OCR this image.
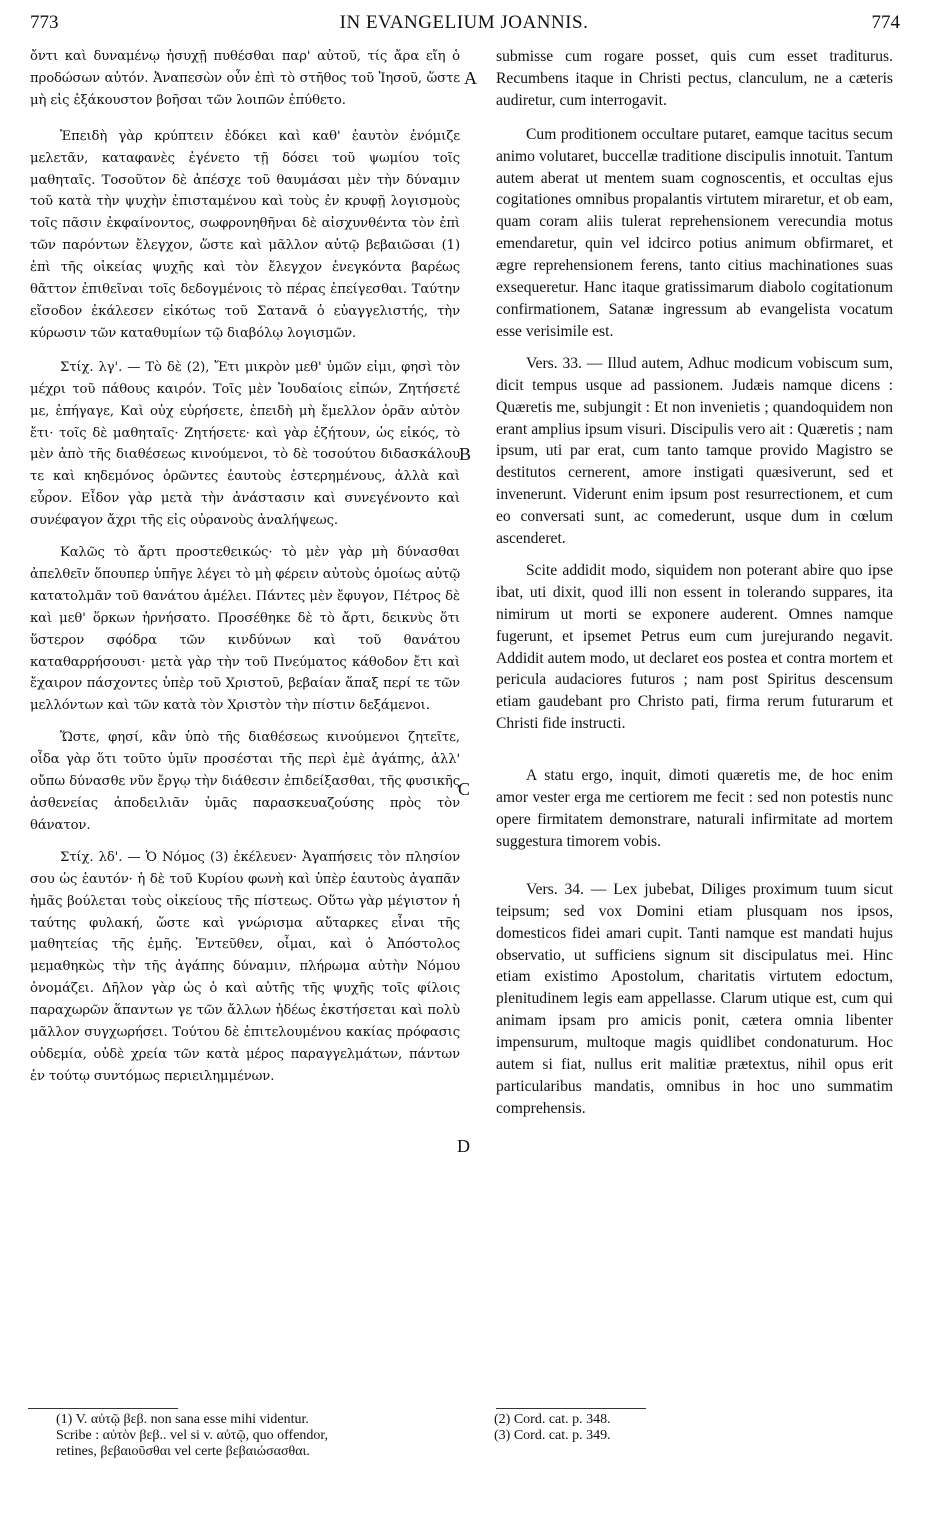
773	IN EVANGELIUM JOANNIS.	774

ὄντι καὶ δυναμένῳ ἡσυχῇ πυθέσθαι παρ' αὐτοῦ, τίς ἄρα εἴη ὁ προδώσων αὐτόν. Ἀναπεσὼν οὖν ἐπὶ τὸ στῆθος τοῦ Ἰησοῦ, ὥστε μὴ εἰς ἐξάκουστον βοῆσαι τῶν λοιπῶν ἐπύθετο.

Ἐπειδὴ γὰρ κρύπτειν ἐδόκει καὶ καθ' ἑαυτὸν ἐνόμιζε μελετᾶν, καταφανὲς ἐγένετο τῇ δόσει τοῦ ψωμίου τοῖς μαθηταῖς. Τοσοῦτον δὲ ἀπέσχε τοῦ θαυμάσαι μὲν τὴν δύναμιν τοῦ κατὰ τὴν ψυχὴν ἐπισταμένου καὶ τοὺς ἐν κρυφῇ λογισμοὺς τοῖς πᾶσιν ἐκφαίνοντος, σωφρονηθῆναι δὲ αἰσχυνθέντα τὸν ἐπὶ τῶν παρόντων ἔλεγχον, ὥστε καὶ μᾶλλον αὐτῷ βεβαιῶσαι (1) ἐπὶ τῆς οἰκείας ψυχῆς καὶ τὸν ἔλεγχον ἐνεγκόντα βαρέως θᾶττον ἐπιθεῖναι τοῖς δεδογμένοις τὸ πέρας ἐπείγεσθαι. Ταύτην εἴσοδον ἐκάλεσεν εἰκότως τοῦ Σατανᾶ ὁ εὐαγγελιστής, τὴν κύρωσιν τῶν καταθυμίων τῷ διαβόλῳ λογισμῶν.

Στίχ. λγ'. — Τὸ δὲ (2), Ἔτι μικρὸν μεθ' ὑμῶν εἰμι, φησὶ τὸν μέχρι τοῦ πάθους καιρόν. Τοῖς μὲν Ἰουδαίοις εἰπών, Ζητήσετέ με, ἐπήγαγε, Καὶ οὐχ εὑρήσετε, ἐπειδὴ μὴ ἔμελλον ὁρᾶν αὐτὸν ἔτι· τοῖς δὲ μαθηταῖς· Ζητήσετε· καὶ γὰρ ἐζήτουν, ὡς εἰκός, τὸ μὲν ἀπὸ τῆς διαθέσεως κινούμενοι, τὸ δὲ τοσούτου διδασκάλου τε καὶ κηδεμόνος ὁρῶντες ἑαυτοὺς ἐστερημένους, ἀλλὰ καὶ εὗρον. Εἶδον γὰρ μετὰ τὴν ἀνάστασιν καὶ συνεγένοντο καὶ συνέφαγον ἄχρι τῆς εἰς οὐρανοὺς ἀναλήψεως.

Καλῶς τὸ ἄρτι προστεθεικώς· τὸ μὲν γὰρ μὴ δύνασθαι ἀπελθεῖν ὅπουπερ ὑπῆγε λέγει τὸ μὴ φέρειν αὐτοὺς ὁμοίως αὐτῷ κατατολμᾶν τοῦ θανάτου ἀμέλει. Πάντες μὲν ἔφυγον, Πέτρος δὲ καὶ μεθ' ὅρκων ἠρνήσατο. Προσέθηκε δὲ τὸ ἄρτι, δεικνὺς ὅτι ὕστερον σφόδρα τῶν κινδύνων καὶ τοῦ θανάτου καταθαρρήσουσι· μετὰ γὰρ τὴν τοῦ Πνεύματος κάθοδον ἔτι καὶ ἔχαιρον πάσχοντες ὑπὲρ τοῦ Χριστοῦ, βεβαίαν ἅπαξ περί τε τῶν μελλόντων καὶ τῶν κατὰ τὸν Χριστὸν τὴν πίστιν δεξάμενοι.

Ὥστε, φησί, κἂν ὑπὸ τῆς διαθέσεως κινούμενοι ζητεῖτε, οἶδα γὰρ ὅτι τοῦτο ὑμῖν προσέσται τῆς περὶ ἐμὲ ἀγάπης, ἀλλ' οὔπω δύνασθε νῦν ἔργῳ τὴν διάθεσιν ἐπιδείξασθαι, τῆς φυσικῆς ἀσθενείας ἀποδειλιᾶν ὑμᾶς παρασκευαζούσης πρὸς τὸν θάνατον.

Στίχ. λδ'. — Ὁ Νόμος (3) ἐκέλευεν· Ἀγαπήσεις τὸν πλησίον σου ὡς ἑαυτόν· ἡ δὲ τοῦ Κυρίου φωνὴ καὶ ὑπὲρ ἑαυτοὺς ἀγαπᾶν ἡμᾶς βούλεται τοὺς οἰκείους τῆς πίστεως. Οὕτω γὰρ μέγιστον ἡ ταύτης φυλακή, ὥστε καὶ γνώρισμα αὔταρκες εἶναι τῆς μαθητείας τῆς ἐμῆς. Ἐντεῦθεν, οἶμαι, καὶ ὁ Ἀπόστολος μεμαθηκὼς τὴν τῆς ἀγάπης δύναμιν, πλήρωμα αὐτὴν Νόμου ὀνομάζει. Δῆλον γὰρ ὡς ὁ καὶ αὐτῆς τῆς ψυχῆς τοῖς φίλοις παραχωρῶν ἅπαντων γε τῶν ἄλλων ἡδέως ἐκστήσεται καὶ πολὺ μᾶλλον συγχωρήσει. Τούτου δὲ ἐπιτελουμένου κακίας πρόφασις οὐδεμία, οὐδὲ χρεία τῶν κατὰ μέρος παραγγελμάτων, πάντων ἐν τούτῳ συντόμως περιειλημμένων.

A
B
C
D

submisse cum rogare posset, quis cum esset traditurus. Recumbens itaque in Christi pectus, clanculum, ne a cæteris audiretur, cum interrogavit.

Cum proditionem occultare putaret, eamque tacitus secum animo volutaret, buccellæ traditione discipulis innotuit. Tantum autem aberat ut mentem suam cognoscentis, et occultas ejus cogitationes omnibus propalantis virtutem miraretur, et ob eam, quam coram aliis tulerat reprehensionem verecundia motus emendaretur, quin vel idcirco potius animum obfirmaret, et ægre reprehensionem ferens, tanto citius machinationes suas exsequeretur. Hanc itaque gratissimarum diabolo cogitationum confirmationem, Satanæ ingressum ab evangelista vocatum esse verisimile est.

Vers. 33. — Illud autem, Adhuc modicum vobiscum sum, dicit tempus usque ad passionem. Judæis namque dicens : Quæretis me, subjungit : Et non invenietis ; quandoquidem non erant amplius ipsum visuri. Discipulis vero ait : Quæretis ; nam ipsum, uti par erat, cum tanto tamque provido Magistro se destitutos cernerent, amore instigati quæsiverunt, sed et invenerunt. Viderunt enim ipsum post resurrectionem, et cum eo conversati sunt, ac comederunt, usque dum in cœlum ascenderet.

Scite addidit modo, siquidem non poterant abire quo ipse ibat, uti dixit, quod illi non essent in tolerando suppares, ita nimirum ut morti se exponere auderent. Omnes namque fugerunt, et ipsemet Petrus eum cum jurejurando negavit. Addidit autem modo, ut declaret eos postea et contra mortem et pericula audaciores futuros ; nam post Spiritus descensum etiam gaudebant pro Christo pati, firma rerum futurarum et Christi fide instructi.

A statu ergo, inquit, dimoti quæretis me, de hoc enim amor vester erga me certiorem me fecit : sed non potestis nunc opere firmitatem demonstrare, naturali infirmitate ad mortem suggestura timorem vobis.

Vers. 34. — Lex jubebat, Diliges proximum tuum sicut teipsum; sed vox Domini etiam plusquam nos ipsos, domesticos fidei amari cupit. Tanti namque est mandati hujus observatio, ut sufficiens signum sit discipulatus mei. Hinc etiam existimo Apostolum, charitatis virtutem edoctum, plenitudinem legis eam appellasse. Clarum utique est, cum qui animam ipsam pro amicis ponit, cætera omnia libenter impensurum, multoque magis quidlibet condonaturum. Hoc autem si fiat, nullus erit malitiæ prætextus, nihil opus erit particularibus mandatis, omnibus in hoc uno summatim comprehensis.

(1) V. αὐτῷ βεβ. non sana esse mihi videntur.
Scribe : αὐτὸν βεβ.. vel si v. αὐτῷ, quo offendor,
retines, βεβαιοῦσθαι vel certe βεβαιώσασθαι.
(2) Cord. cat. p. 348.
(3) Cord. cat. p. 349.
